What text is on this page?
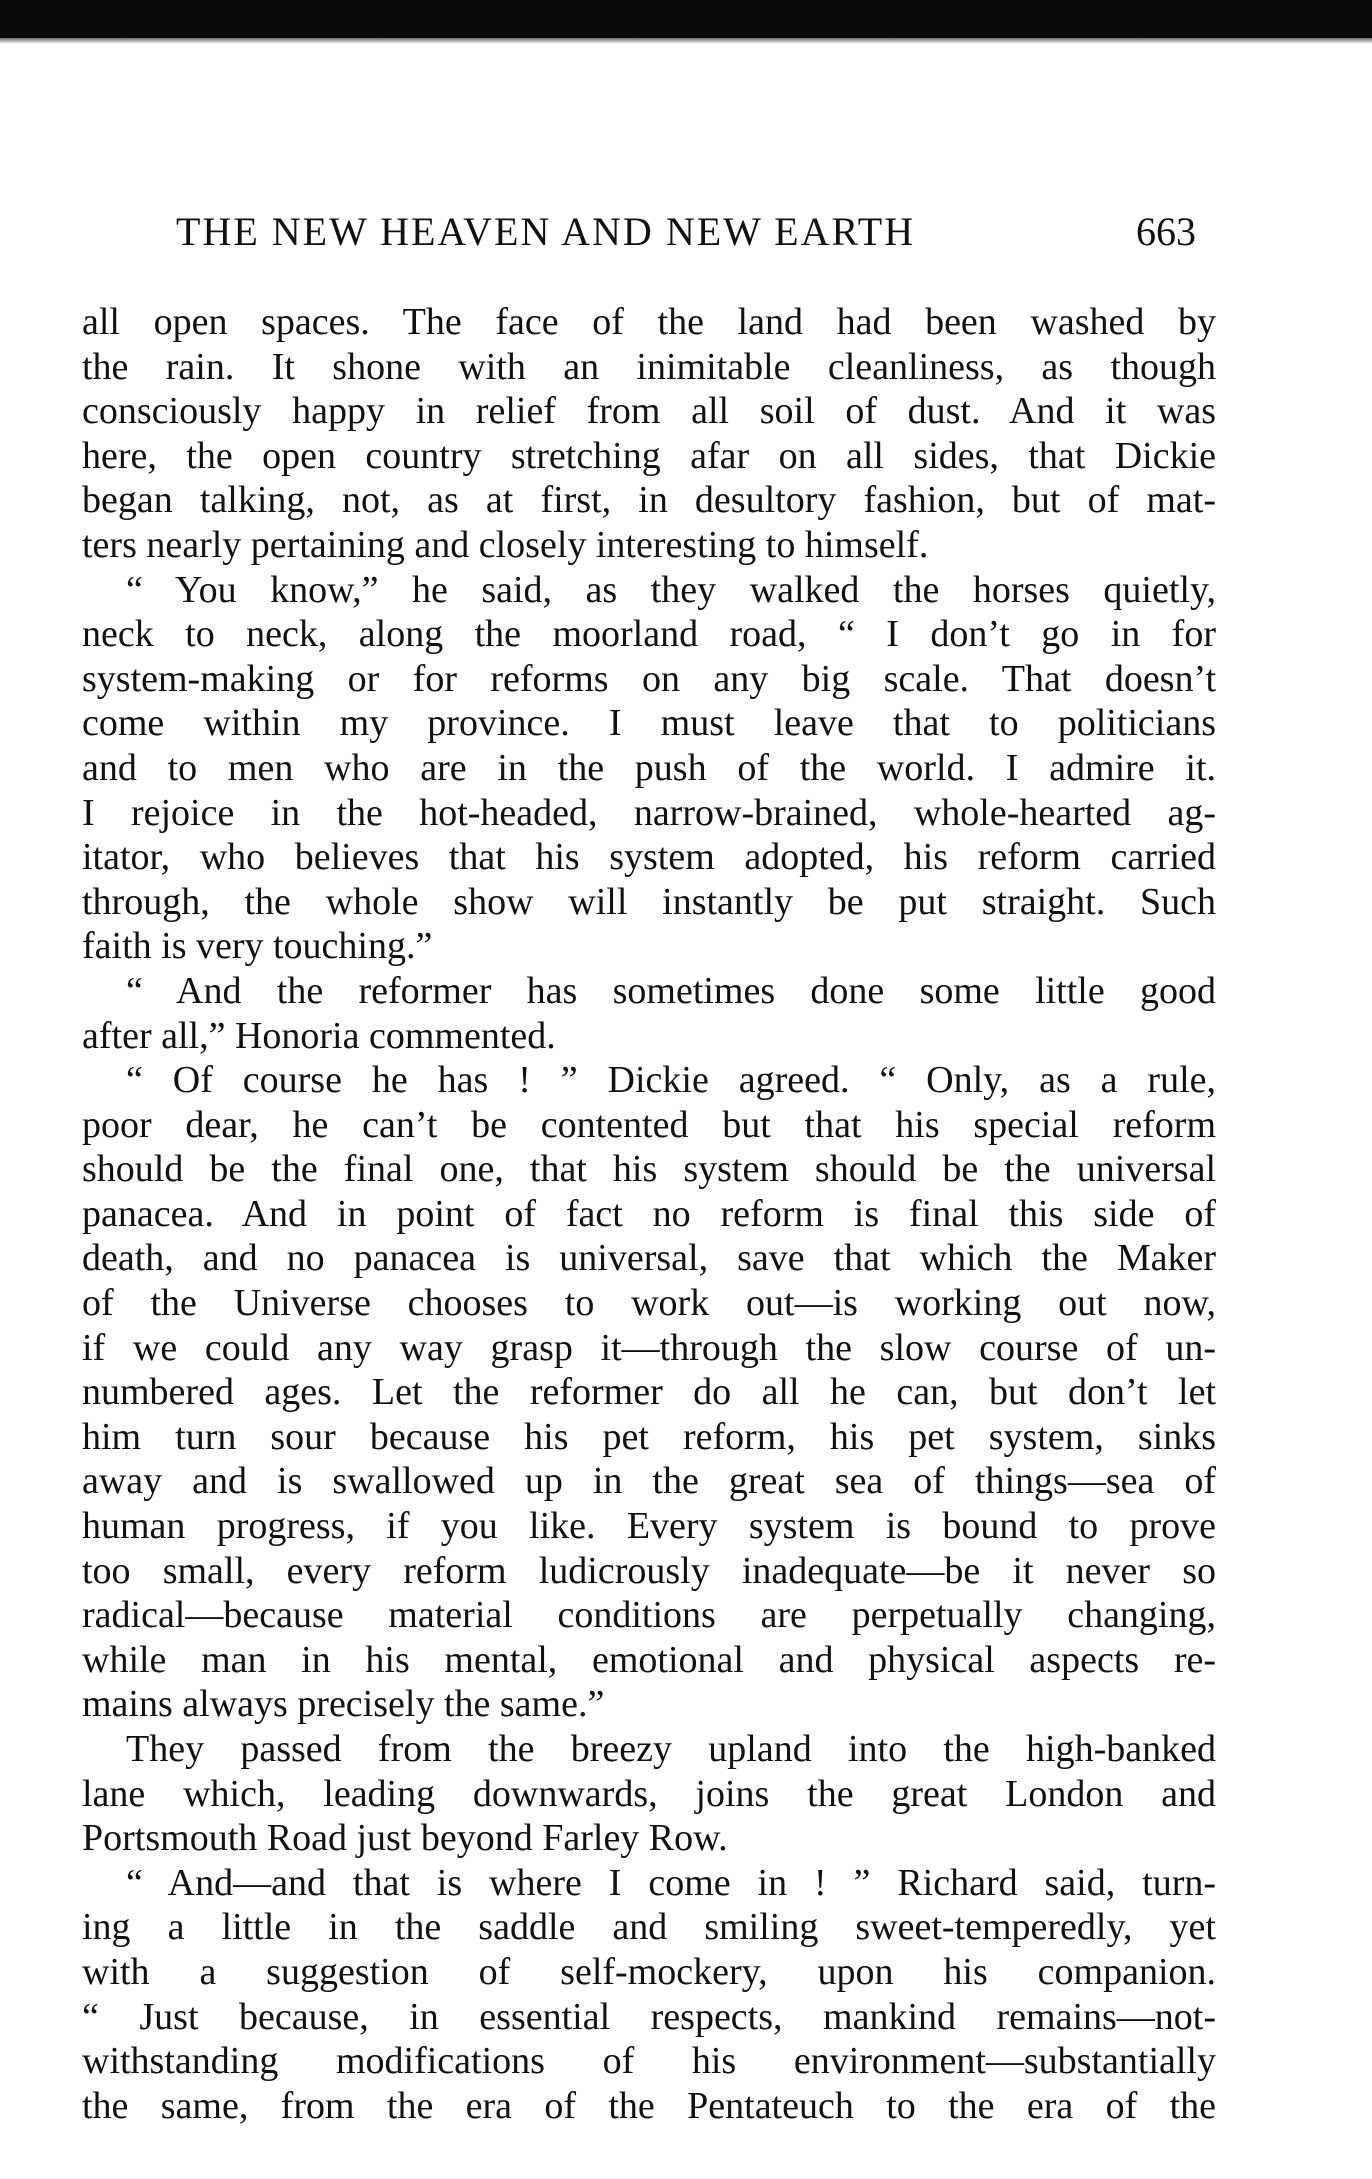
THE NEW HEAVEN AND NEW EARTH	663
all open spaces. The face of the land had been washed by
the rain. It shone with an inimitable cleanliness, as though
consciously happy in relief from all soil of dust. And it was
here, the open country stretching afar on all sides, that Dickie
began talking, not, as at first, in desultory fashion, but of mat-
ters nearly pertaining and closely interesting to himself.
“ You know,” he said, as they walked the horses quietly,
neck to neck, along the moorland road, “ I don’t go in for
system-making or for reforms on any big scale. That doesn’t
come within my province. I must leave that to politicians
and to men who are in the push of the world. I admire it.
I rejoice in the hot-headed, narrow-brained, whole-hearted ag-
itator, who believes that his system adopted, his reform carried
through, the whole show will instantly be put straight. Such
faith is very touching.”
“ And the reformer has sometimes done some little good
after all,” Honoria commented.
“ Of course he has ! ” Dickie agreed. “ Only, as a rule,
poor dear, he can’t be contented but that his special reform
should be the final one, that his system should be the universal
panacea. And in point of fact no reform is final this side of
death, and no panacea is universal, save that which the Maker
of the Universe chooses to work out—is working out now,
if we could any way grasp it—through the slow course of un-
numbered ages. Let the reformer do all he can, but don’t let
him turn sour because his pet reform, his pet system, sinks
away and is swallowed up in the great sea of things—sea of
human progress, if you like. Every system is bound to prove
too small, every reform ludicrously inadequate—be it never so
radical—because material conditions are perpetually changing,
while man in his mental, emotional and physical aspects re-
mains always precisely the same.”
They passed from the breezy upland into the high-banked
lane which, leading downwards, joins the great London and
Portsmouth Road just beyond Farley Row.
“ And—and that is where I come in ! ” Richard said, turn-
ing a little in the saddle and smiling sweet-temperedly, yet
with a suggestion of self-mockery, upon his companion.
“ Just because, in essential respects, mankind remains—not-
withstanding modifications of his environment—substantially
the same, from the era of the Pentateuch to the era of the
